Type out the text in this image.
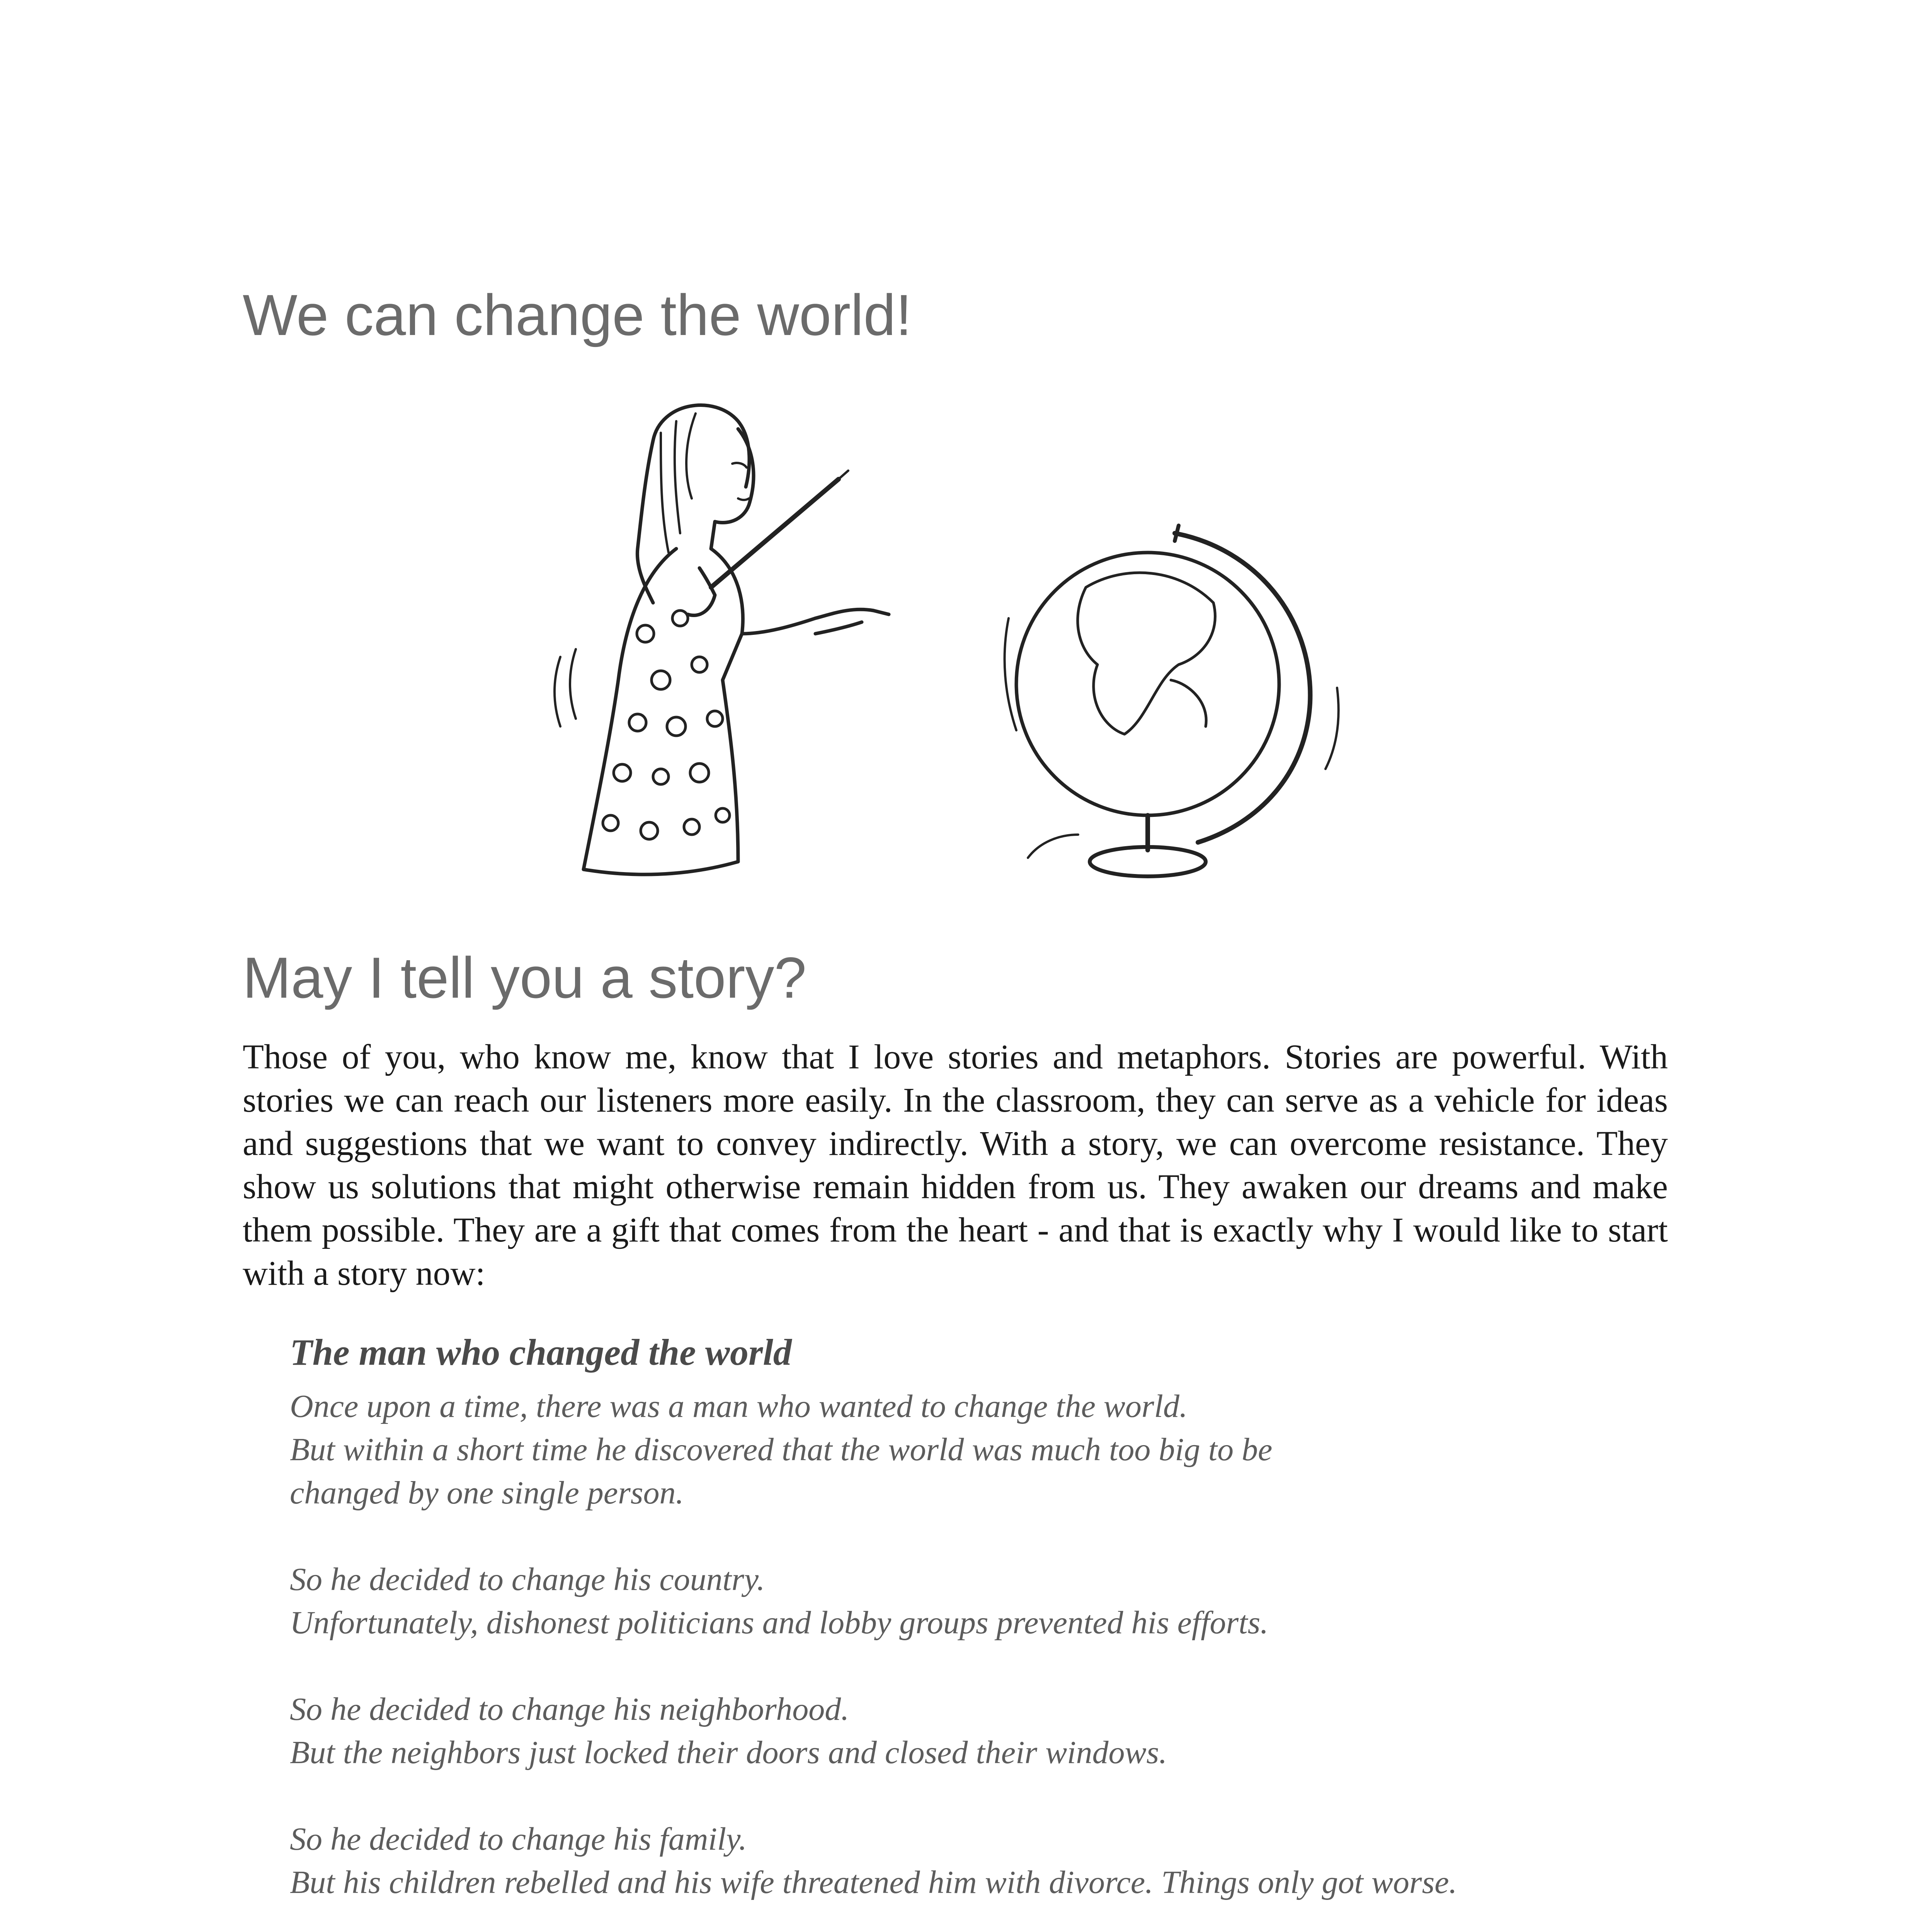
We can change the world!
May I tell you a story?

Those of you, who know me, know that I love stories and metaphors. Stories are powerful. With stories we can reach our listeners more easily. In the classroom, they can serve as a vehicle for ideas and suggestions that we want to convey indirectly. With a story, we can overcome resistance. They show us solutions that might otherwise remain hidden from us. They awaken our dreams and make them possible. They are a gift that comes from the heart - and that is exactly why I would like to start with a story now:

The man who changed the world

Once upon a time, there was a man who wanted to change the world.
But within a short time he discovered that the world was much too big to be
changed by one single person.

So he decided to change his country.
Unfortunately, dishonest politicians and lobby groups prevented his efforts.

So he decided to change his neighborhood.
But the neighbors just locked their doors and closed their windows.

So he decided to change his family.
But his children rebelled and his wife threatened him with divorce. Things only got worse.
